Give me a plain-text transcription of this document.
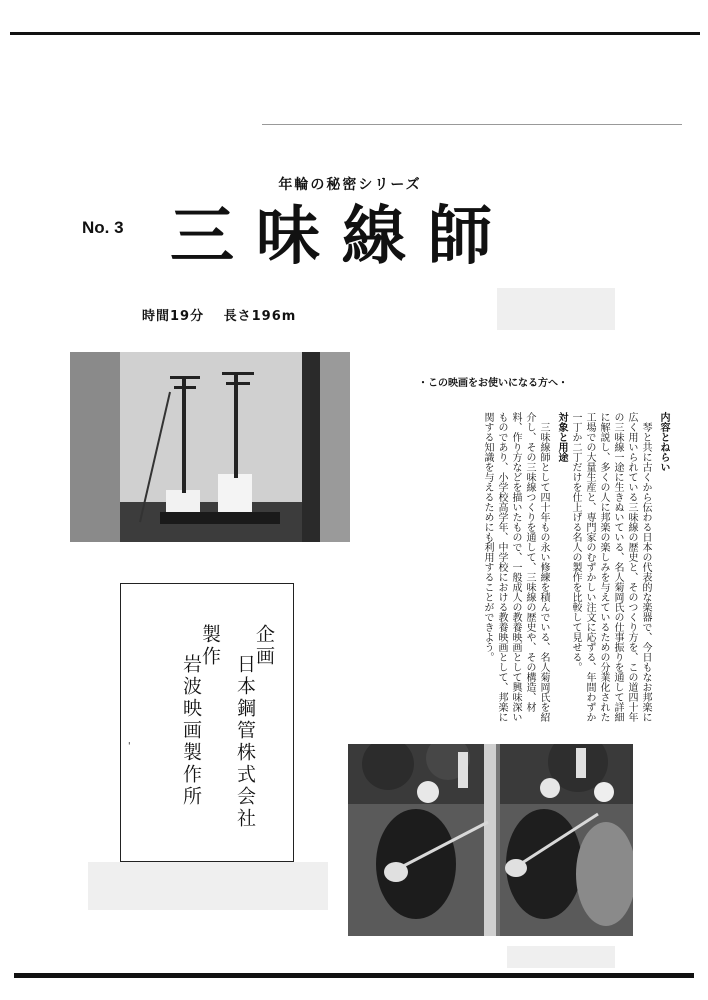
年輪の秘密シリーズ
No. 3 三味線師
時間19分 長さ196m
・この映画をお使いになる方へ・
内容とねらい

琴と共に古くから伝わる日本の代表的な楽器で、今日もなお邦楽に広く用いられている三味線の歴史と、そのつくり方を、この道四十年の三味線一途に生きぬいている、名人菊岡氏の仕事振りを通して詳細に解説し、多くの人に邦楽の楽しみを与えているための分業化された工場での大量生産と、専門家のむずかしい注文に応ずる、年間わずか一丁か二丁だけを仕上げる名人の製作を比較して見せる。

対象と用途

三味線師として四十年もの永い修練を積んでいる、名人菊岡氏を紹介し、その三味線つくりを通して、三味線の歴史や、その構造、材料、作り方などを描いたもので、一般成人の教養映画として興味深いものであり、小学校高学年、中学校における教養映画として、邦楽に関する知識を与えるためにも利用することができよう。

企画
日本鋼管株式会社
製作
岩波映画製作所
'
